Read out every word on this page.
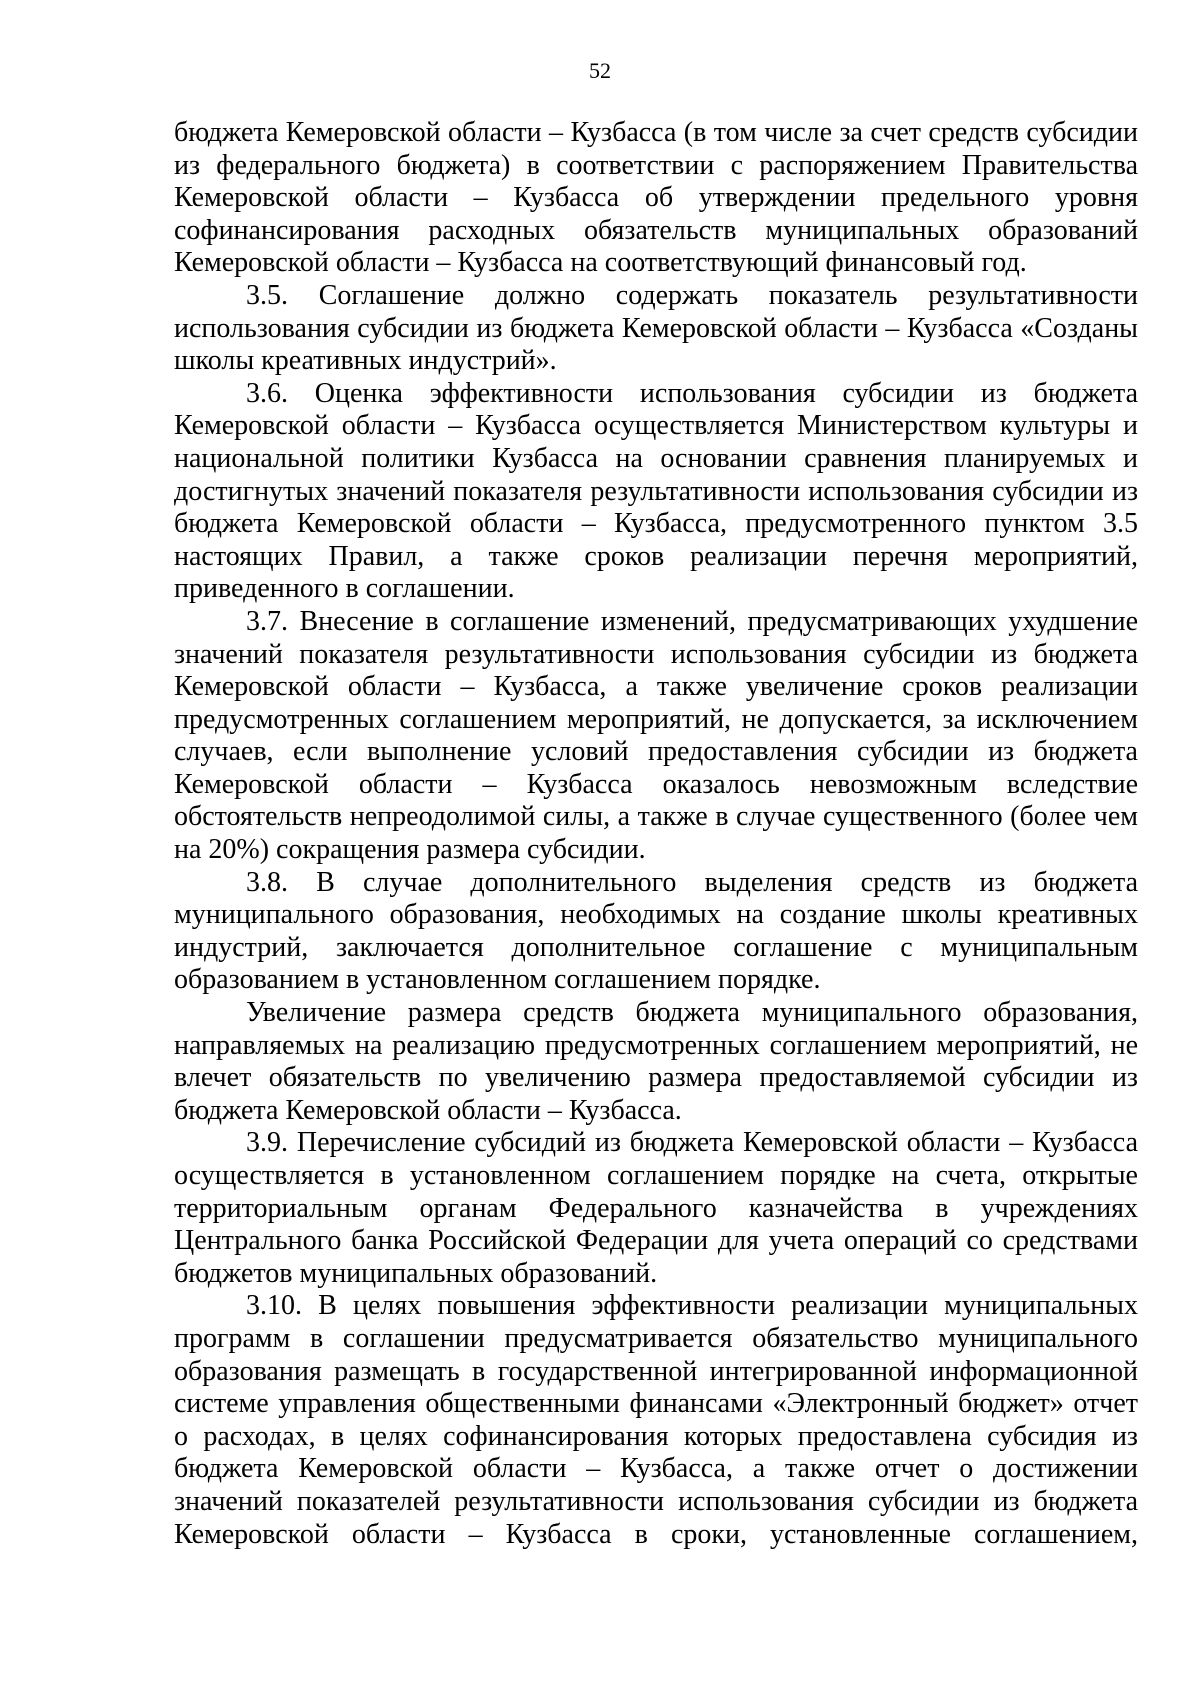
52

бюджета Кемеровской области – Кузбасса (в том числе за счет средств субсидии из федерального бюджета) в соответствии с распоряжением Правительства Кемеровской области – Кузбасса об утверждении предельного уровня софинансирования расходных обязательств муниципальных образований Кемеровской области – Кузбасса на соответствующий финансовый год.

3.5. Соглашение должно содержать показатель результативности использования субсидии из бюджета Кемеровской области – Кузбасса «Созданы школы креативных индустрий».

3.6. Оценка эффективности использования субсидии из бюджета Кемеровской области – Кузбасса осуществляется Министерством культуры и национальной политики Кузбасса на основании сравнения планируемых и достигнутых значений показателя результативности использования субсидии из бюджета Кемеровской области – Кузбасса, предусмотренного пунктом 3.5 настоящих Правил, а также сроков реализации перечня мероприятий, приведенного в соглашении.

3.7. Внесение в соглашение изменений, предусматривающих ухудшение значений показателя результативности использования субсидии из бюджета Кемеровской области – Кузбасса, а также увеличение сроков реализации предусмотренных соглашением мероприятий, не допускается, за исключением случаев, если выполнение условий предоставления субсидии из бюджета Кемеровской области – Кузбасса оказалось невозможным вследствие обстоятельств непреодолимой силы, а также в случае существенного (более чем на 20%) сокращения размера субсидии.

3.8. В случае дополнительного выделения средств из бюджета муниципального образования, необходимых на создание школы креативных индустрий, заключается дополнительное соглашение с муниципальным образованием в установленном соглашением порядке.

Увеличение размера средств бюджета муниципального образования, направляемых на реализацию предусмотренных соглашением мероприятий, не влечет обязательств по увеличению размера предоставляемой субсидии из бюджета Кемеровской области – Кузбасса.

3.9. Перечисление субсидий из бюджета Кемеровской области – Кузбасса осуществляется в установленном соглашением порядке на счета, открытые территориальным органам Федерального казначейства в учреждениях Центрального банка Российской Федерации для учета операций со средствами бюджетов муниципальных образований.

3.10. В целях повышения эффективности реализации муниципальных программ в соглашении предусматривается обязательство муниципального образования размещать в государственной интегрированной информационной системе управления общественными финансами «Электронный бюджет» отчет о расходах, в целях софинансирования которых предоставлена субсидия из бюджета Кемеровской области – Кузбасса, а также отчет о достижении значений показателей результативности использования субсидии из бюджета Кемеровской области – Кузбасса в сроки, установленные соглашением,
